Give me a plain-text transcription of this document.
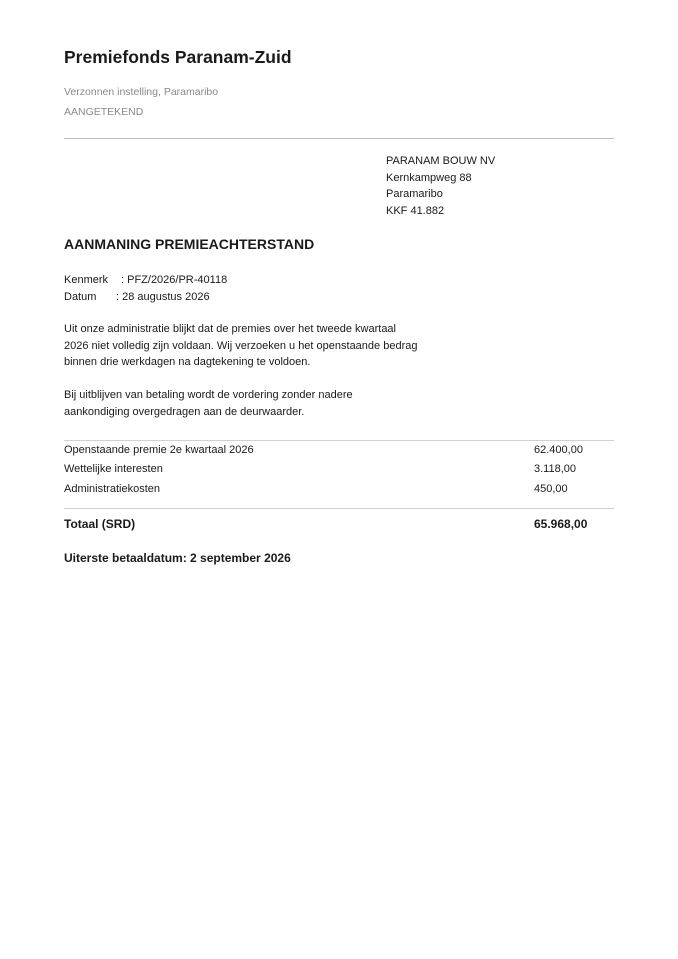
Premiefonds Paranam-Zuid
Verzonnen instelling, Paramaribo
AANGETEKEND
PARANAM BOUW NV
Kernkampweg 88
Paramaribo
KKF 41.882
AANMANING PREMIEACHTERSTAND
Kenmerk : PFZ/2026/PR-40118
Datum : 28 augustus 2026
Uit onze administratie blijkt dat de premies over het tweede kwartaal
2026 niet volledig zijn voldaan. Wij verzoeken u het openstaande bedrag
binnen drie werkdagen na dagtekening te voldoen.
Bij uitblijven van betaling wordt de vordering zonder nadere
aankondiging overgedragen aan de deurwaarder.
Openstaande premie 2e kwartaal 2026	62.400,00
Wettelijke interesten	3.118,00
Administratiekosten	450,00
Totaal (SRD)	65.968,00
Uiterste betaaldatum: 2 september 2026
